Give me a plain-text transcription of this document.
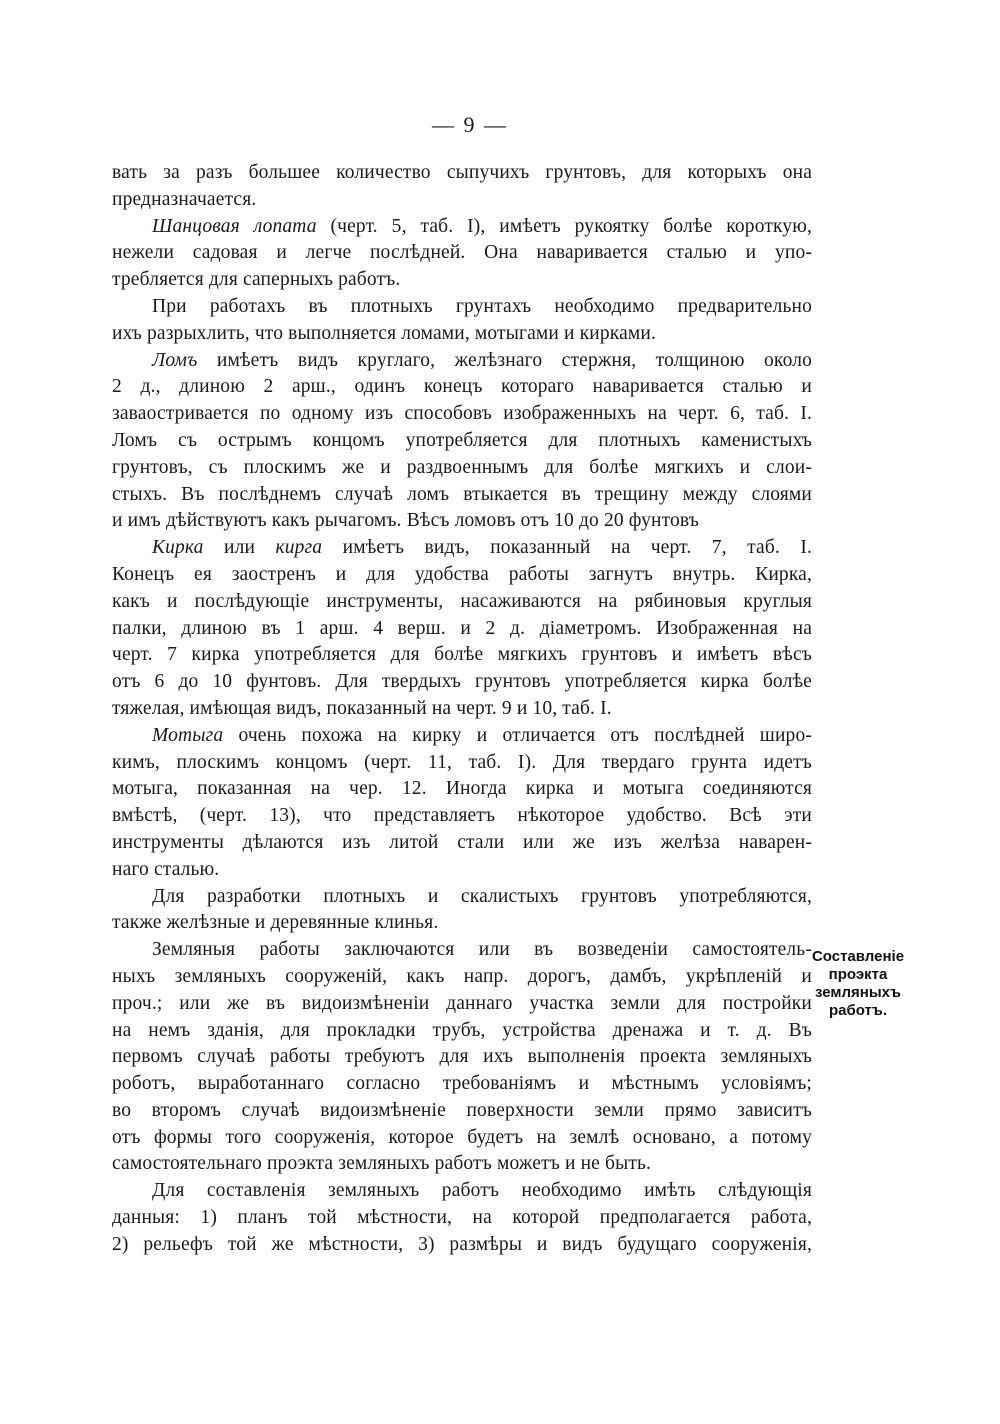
— 9 —
вать за разъ большее количество сыпучихъ грунтовъ, для которыхъ она
предназначается.
Шанцовая лопата (черт. 5, таб. I), имѣетъ рукоятку болѣе короткую,
нежели садовая и легче послѣдней. Она наваривается сталью и упо-
требляется для саперныхъ работъ.
При работахъ въ плотныхъ грунтахъ необходимо предварительно
ихъ разрыхлить, что выполняется ломами, мотыгами и кирками.
Ломъ имѣетъ видъ круглаго, желѣзнаго стержня, толщиною около
2 д., длиною 2 арш., одинъ конецъ котораго наваривается сталью и
заваостривается по одному изъ способовъ изображенныхъ на черт. 6, таб. I.
Ломъ съ острымъ концомъ употребляется для плотныхъ каменистыхъ
грунтовъ, съ плоскимъ же и раздвоеннымъ для болѣе мягкихъ и слои-
стыхъ. Въ послѣднемъ случаѣ ломъ втыкается въ трещину между слоями
и имъ дѣйствуютъ какъ рычагомъ. Вѣсъ ломовъ отъ 10 до 20 фунтовъ
Кирка или кирга имѣетъ видъ, показанный на черт. 7, таб. I.
Конецъ ея заостренъ и для удобства работы загнутъ внутрь. Кирка,
какъ и послѣдующіе инструменты, насаживаются на рябиновыя круглыя
палки, длиною въ 1 арш. 4 верш. и 2 д. діаметромъ. Изображенная на
черт. 7 кирка употребляется для болѣе мягкихъ грунтовъ и имѣетъ вѣсъ
отъ 6 до 10 фунтовъ. Для твердыхъ грунтовъ употребляется кирка болѣе
тяжелая, имѣющая видъ, показанный на черт. 9 и 10, таб. I.
Мотыга очень похожа на кирку и отличается отъ послѣдней широ-
кимъ, плоскимъ концомъ (черт. 11, таб. I). Для твердаго грунта идетъ
мотыга, показанная на чер. 12. Иногда кирка и мотыга соединяются
вмѣстѣ, (черт. 13), что представляетъ нѣкоторое удобство. Всѣ эти
инструменты дѣлаются изъ литой стали или же изъ желѣза наварен-
наго сталью.
Для разработки плотныхъ и скалистыхъ грунтовъ употребляются,
также желѣзные и деревянные клинья.
Земляныя работы заключаются или въ возведеніи самостоятель-
ныхъ земляныхъ сооруженій, какъ напр. дорогъ, дамбъ, укрѣпленій и
проч.; или же въ видоизмѣненіи даннаго участка земли для постройки
на немъ зданія, для прокладки трубъ, устройства дренажа и т. д. Въ
первомъ случаѣ работы требуютъ для ихъ выполненія проекта земляныхъ
роботъ, выработаннаго согласно требованіямъ и мѣстнымъ условіямъ;
во второмъ случаѣ видоизмѣненіе поверхности земли прямо зависитъ
отъ формы того сооруженія, которое будетъ на землѣ основано, а потому
самостоятельнаго проэкта земляныхъ работъ можетъ и не быть.
Для составленія земляныхъ работъ необходимо имѣть слѣдующія
данныя: 1) планъ той мѣстности, на которой предполагается работа,
2) рельефъ той же мѣстности, 3) размѣры и видъ будущаго сооруженія,
Составленіе
проэкта
земляныхъ
работъ.
